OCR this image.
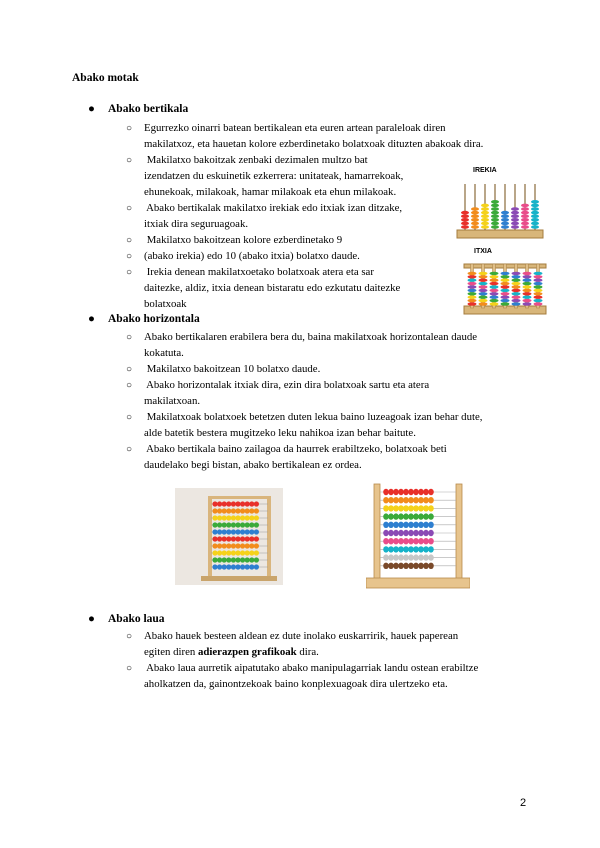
Abako motak
● Abako bertikala
○ Egurrezko oinarri batean bertikalean eta euren artean paraleloak diren
makilatxoz, eta hauetan kolore ezberdinetako bolatxoak dituzten abakoak dira.
○ Makilatxo bakoitzak zenbaki dezimalen multzo bat
izendatzen du eskuinetik ezkerrera: unitateak, hamarrekoak,
ehunekoak, milakoak, hamar milakoak eta ehun milakoak.
○ Abako bertikalak makilatxo irekiak edo itxiak izan ditzake,
itxiak dira seguruagoak.
○ Makilatxo bakoitzean kolore ezberdinetako 9
○ (abako irekia) edo 10 (abako itxia) bolatxo daude.
○ Irekia denean makilatxoetako bolatxoak atera eta sar
daitezke, aldiz, itxia denean bistaratu edo ezkutatu daitezke
bolatxoak
● Abako horizontala
○ Abako bertikalaren erabilera bera du, baina makilatxoak horizontalean daude
kokatuta.
○ Makilatxo bakoitzean 10 bolatxo daude.
○ Abako horizontalak itxiak dira, ezin dira bolatxoak sartu eta atera
makilatxoan.
○ Makilatxoak bolatxoek betetzen duten lekua baino luzeagoak izan behar dute,
alde batetik bestera mugitzeko leku nahikoa izan behar baitute.
○ Abako bertikala baino zailagoa da haurrek erabiltzeko, bolatxoak beti
daudelako begi bistan, abako bertikalean ez ordea.
● Abako laua
○ Abako hauek besteen aldean ez dute inolako euskarririk, hauek paperean
egiten diren adierazpen grafikoak dira.
○ Abako laua aurretik aipatutako abako manipulagarriak landu ostean erabiltze
aholkatzen da, gainontzekoak baino konplexuagoak dira ulertzeko eta.
IREKIA
ITXIA
2
